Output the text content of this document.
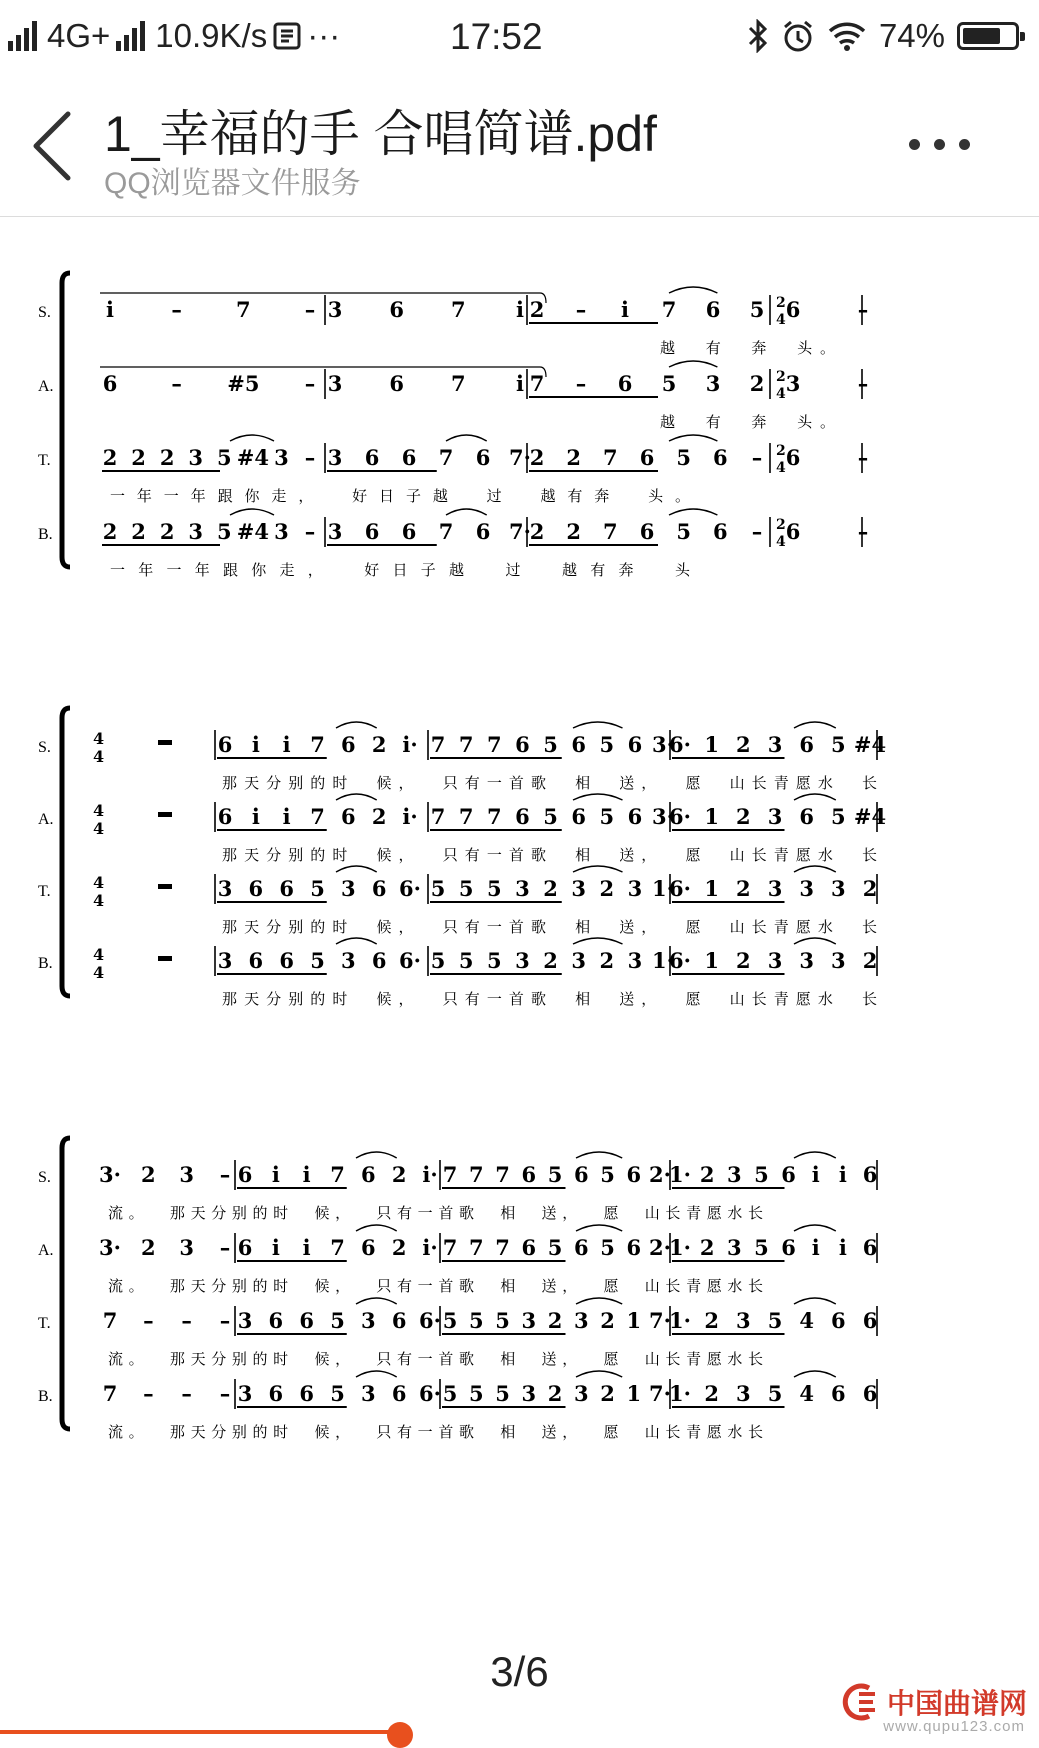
4G+ 10.9K/s ···	17:52	74%
1_幸福的手 合唱简谱.pdf
QQ浏览器文件服务
S.
2
4
i	–	7	– 3 6 7 i 2 – i 7 6 5 6	–
越 有 奔 头 。
A.
2
4
6	– #5 – 3 6 7 i 7 – 6 5 3 2 3	–
越 有 奔 头 。
T.
2
4
2 2 2 3 5 #4 3 – 3 6 6 7 6 7·
2 2 7 6 5 6 – 6	–
一 年 一 年 跟 你 走 ，	好 日 子 越	过	越 有 奔	头 。
B.
2
4
2 2 2 3 5 #4 3 – 3 6 6 7 6 7·
2 2 7 6 5 6 – 6	–
一 年 一 年 跟 你 走 ，	好 日 子 越	过	越 有 奔	头
S.	4
4	6 i i 7 6 2 i· 7 7 7 6 5 6 5 6 3·
6· 1 2 3 6 5 #4
那 天 分 别 的 时 候 ， 只 有 一 首 歌 相 送 ， 愿 山 长 青 愿 水 长
A. 4
4	6 i i 7 6 2 i· 7 7 7 6 5 6 5 6 3·
6· 1 2 3 6 5 #4
那 天 分 别 的 时 候 ， 只 有 一 首 歌 相 送 ， 愿 山 长 青 愿 水 长
T.	4
4	3 6 6 5 3 6 6· 5 5 5 3 2 3 2 3 1·
6· 1 2 3 3 3 2
那 天 分 别 的 时 候 ， 只 有 一 首 歌 相 送 ， 愿 山 长 青 愿 水 长
B.	4
4	3 6 6 5 3 6 6· 5 5 5 3 2 3 2 3 1·
6· 1 2 3 3 3 2
那 天 分 别 的 时 候 ， 只 有 一 首 歌 相 送 ， 愿 山 长 青 愿 水 长
S. 3· 2 3 – 6 i i 7 6 2 i· 7 7 7 6 5 6 5 6 2·
1· 2 3 5 6 i i 6
流 。 那 天 分 别 的 时 候 ， 只 有 一 首 歌 相 送 ， 愿 山 长 青 愿 水 长
A. 3· 2 3 – 6 i i 7 6 2 i· 7 7 7 6 5 6 5 6 2·
1· 2 3 5 6 i i 6
流 。 那 天 分 别 的 时 候 ， 只 有 一 首 歌 相 送 ， 愿 山 长 青 愿 水 长
T. 7 – – – 3 6 6 5 3 6 6· 5 5 5 3 2 3 2 1 7·
1· 2 3 5 4 6 6
流 。 那 天 分 别 的 时 候 ， 只 有 一 首 歌 相 送 ， 愿 山 长 青 愿 水 长
B. 7 – – – 3 6 6 5 3 6 6· 5 5 5 3 2 3 2 1 7·
1· 2 3 5 4 6 6
流 。 那 天 分 别 的 时 候 ， 只 有 一 首 歌 相 送 ， 愿 山 长 青 愿 水 长
3/6
中国曲谱网
www.qupu123.com
